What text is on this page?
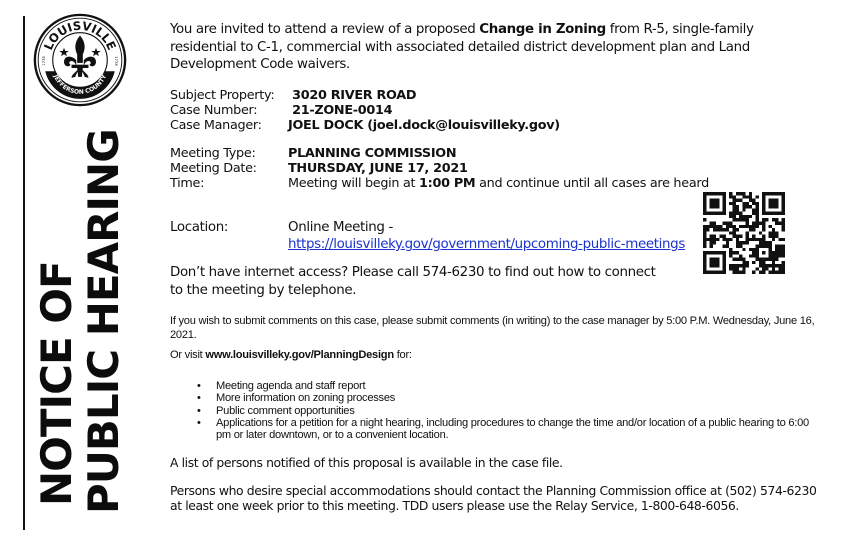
LOUISVILLE
JEFFERSON COUNTY
1778	1778
NOTICE OF
PUBLIC HEARING
You are invited to attend a review of a proposed Change in Zoning from R-5, single-family residential to C-1, commercial with associated detailed district development plan and Land Development Code waivers.
Subject Property:	3020 RIVER ROAD
Case Number:	21-ZONE-0014
Case Manager:	JOEL DOCK (joel.dock@louisvilleky.gov)
Meeting Type:	PLANNING COMMISSION
Meeting Date:	THURSDAY, JUNE 17, 2021
Time:	Meeting will begin at 1:00 PM and continue until all cases are heard
Location:	Online Meeting -
https://louisvilleky.gov/government/upcoming-public-meetings
Don’t have internet access? Please call 574-6230 to find out how to connect to the meeting by telephone.
If you wish to submit comments on this case, please submit comments (in writing) to the case manager by 5:00 P.M. Wednesday, June 16, 2021.
Or visit www.louisvilleky.gov/PlanningDesign for:
• Meeting agenda and staff report
• More information on zoning processes
• Public comment opportunities
• Applications for a petition for a night hearing, including procedures to change the time and/or location of a public hearing to 6:00 pm or later downtown, or to a convenient location.
A list of persons notified of this proposal is available in the case file.
Persons who desire special accommodations should contact the Planning Commission office at (502) 574-6230 at least one week prior to this meeting. TDD users please use the Relay Service, 1-800-648-6056.
